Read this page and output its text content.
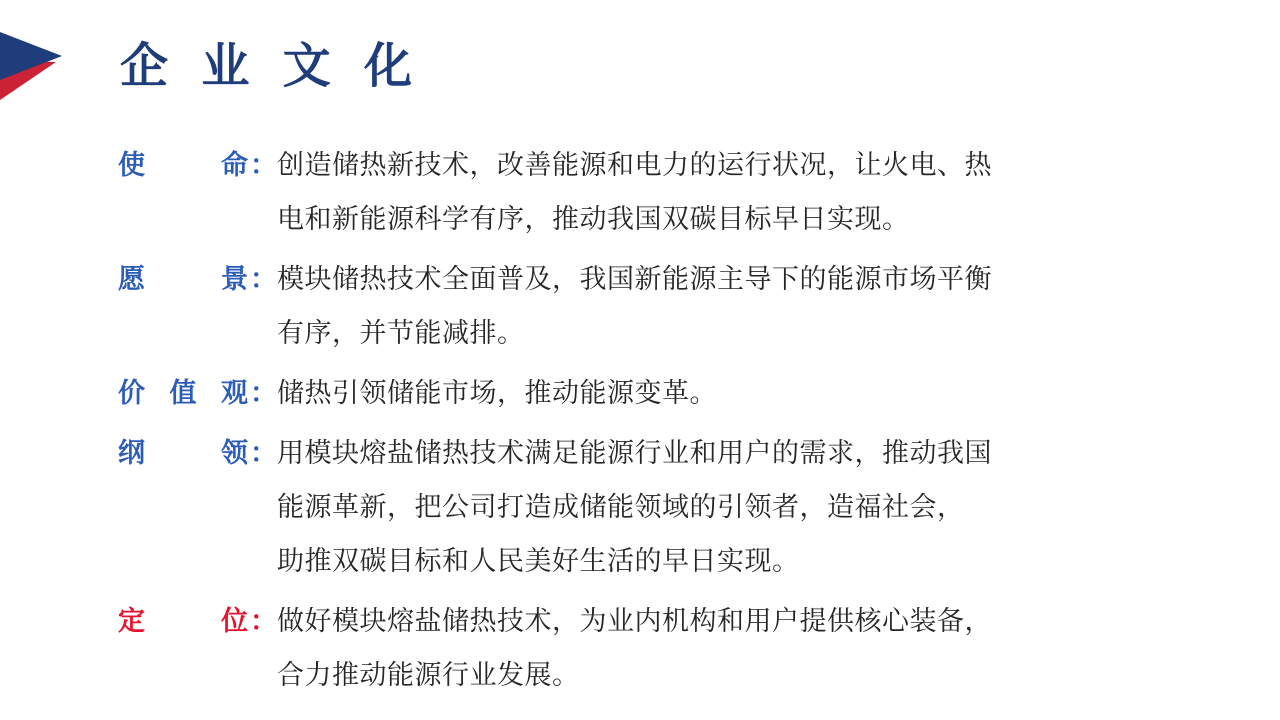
企 业 文 化
使命 ： 创造储热新技术，改善能源和电力的运行状况，让火电、热
电和新能源科学有序，推动我国双碳目标早日实现。
愿景 ： 模块储热技术全面普及，我国新能源主导下的能源市场平衡
有序，并节能减排。
价值观 ： 储热引领储能市场，推动能源变革。
纲领 ： 用模块熔盐储热技术满足能源行业和用户的需求，推动我国
能源革新，把公司打造成储能领域的引领者，造福社会，
助推双碳目标和人民美好生活的早日实现。
定位 ： 做好模块熔盐储热技术，为业内机构和用户提供核心装备，
合力推动能源行业发展。
